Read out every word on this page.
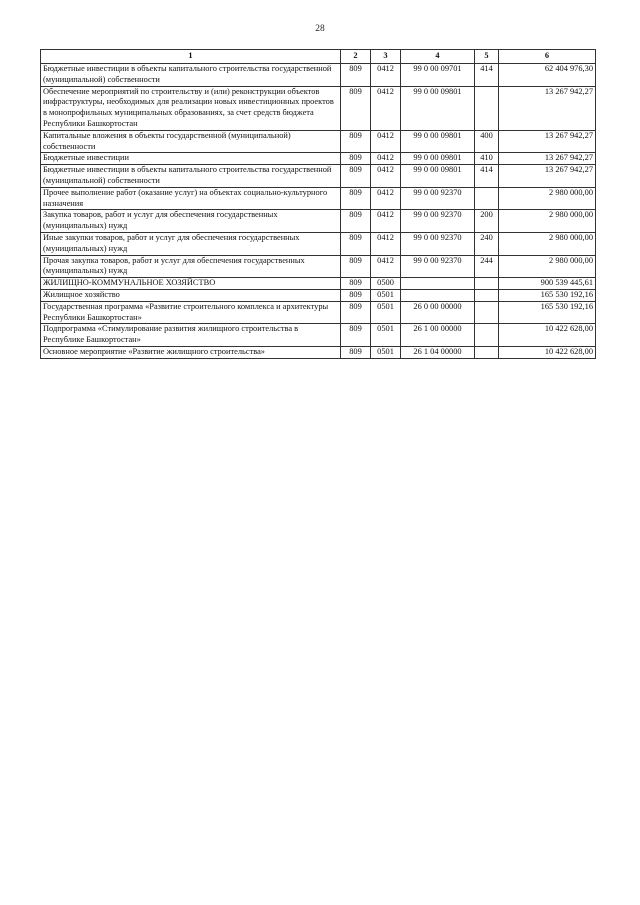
28
1	2	3	4	5	6
Бюджетные инвестиции в объекты капитального строительства государственной (муниципальной) собственности	809	0412	99 0 00 09701	414	62 404 976,30
Обеспечение мероприятий по строительству и (или) реконструкции объектов инфраструктуры, необходимых для реализации новых инвестиционных проектов в монопрофильных муниципальных образованиях, за счет средств бюджета Республики Башкортостан	809	0412	99 0 00 09801		13 267 942,27
Капитальные вложения в объекты государственной (муниципальной) собственности	809	0412	99 0 00 09801	400	13 267 942,27
Бюджетные инвестиции	809	0412	99 0 00 09801	410	13 267 942,27
Бюджетные инвестиции в объекты капитального строительства государственной (муниципальной) собственности	809	0412	99 0 00 09801	414	13 267 942,27
Прочее выполнение работ (оказание услуг) на объектах социально-культурного назначения	809	0412	99 0 00 92370		2 980 000,00
Закупка товаров, работ и услуг для обеспечения государственных (муниципальных) нужд	809	0412	99 0 00 92370	200	2 980 000,00
Иные закупки товаров, работ и услуг для обеспечения государственных (муниципальных) нужд	809	0412	99 0 00 92370	240	2 980 000,00
Прочая закупка товаров, работ и услуг для обеспечения государственных (муниципальных) нужд	809	0412	99 0 00 92370	244	2 980 000,00
ЖИЛИЩНО-КОММУНАЛЬНОЕ ХОЗЯЙСТВО	809	0500			900 539 445,61
Жилищное хозяйство	809	0501			165 530 192,16
Государственная программа «Развитие строительного комплекса и архитектуры Республики Башкортостан»	809	0501	26 0 00 00000		165 530 192,16
Подпрограмма «Стимулирование развития жилищного строительства в Республике Башкортостан»	809	0501	26 1 00 00000		10 422 628,00
Основное мероприятие «Развитие жилищного строительства»	809	0501	26 1 04 00000		10 422 628,00
